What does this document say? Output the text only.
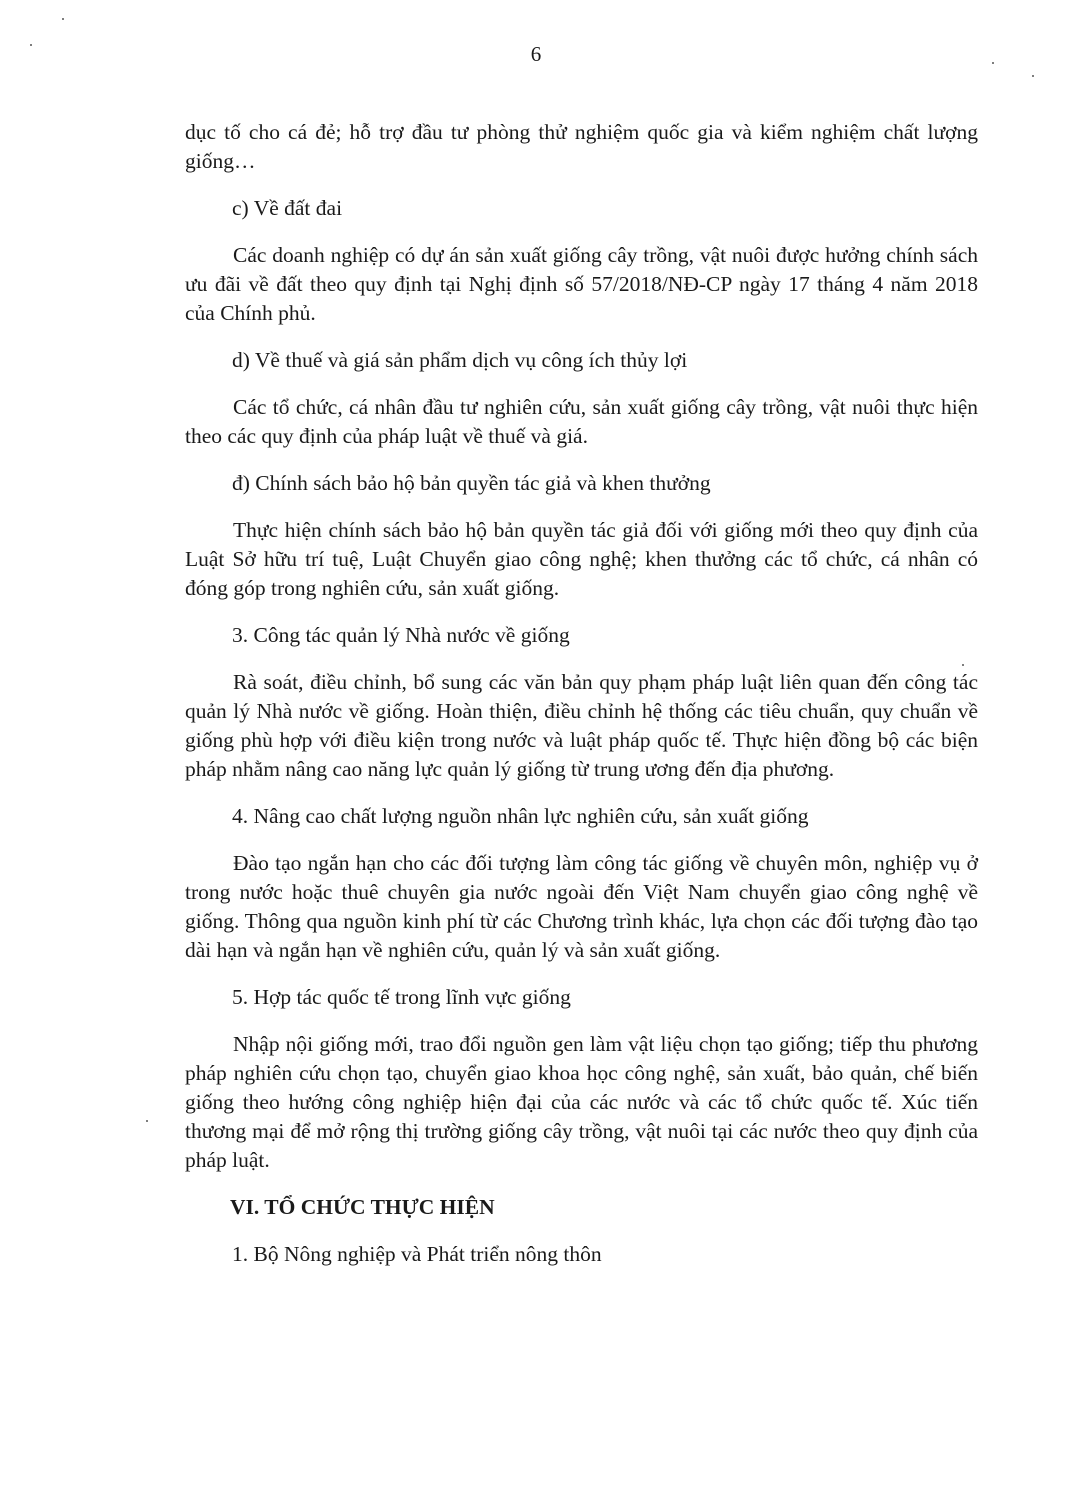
6

dục tố cho cá đẻ; hỗ trợ đầu tư phòng thử nghiệm quốc gia và kiểm nghiệm chất lượng giống…

c) Về đất đai

Các doanh nghiệp có dự án sản xuất giống cây trồng, vật nuôi được hưởng chính sách ưu đãi về đất theo quy định tại Nghị định số 57/2018/NĐ-CP ngày 17 tháng 4 năm 2018 của Chính phủ.

d) Về thuế và giá sản phẩm dịch vụ công ích thủy lợi

Các tổ chức, cá nhân đầu tư nghiên cứu, sản xuất giống cây trồng, vật nuôi thực hiện theo các quy định của pháp luật về thuế và giá.

đ) Chính sách bảo hộ bản quyền tác giả và khen thưởng

Thực hiện chính sách bảo hộ bản quyền tác giả đối với giống mới theo quy định của Luật Sở hữu trí tuệ, Luật Chuyển giao công nghệ; khen thưởng các tổ chức, cá nhân có đóng góp trong nghiên cứu, sản xuất giống.

3. Công tác quản lý Nhà nước về giống

Rà soát, điều chỉnh, bổ sung các văn bản quy phạm pháp luật liên quan đến công tác quản lý Nhà nước về giống. Hoàn thiện, điều chỉnh hệ thống các tiêu chuẩn, quy chuẩn về giống phù hợp với điều kiện trong nước và luật pháp quốc tế. Thực hiện đồng bộ các biện pháp nhằm nâng cao năng lực quản lý giống từ trung ương đến địa phương.

4. Nâng cao chất lượng nguồn nhân lực nghiên cứu, sản xuất giống

Đào tạo ngắn hạn cho các đối tượng làm công tác giống về chuyên môn, nghiệp vụ ở trong nước hoặc thuê chuyên gia nước ngoài đến Việt Nam chuyển giao công nghệ về giống. Thông qua nguồn kinh phí từ các Chương trình khác, lựa chọn các đối tượng đào tạo dài hạn và ngắn hạn về nghiên cứu, quản lý và sản xuất giống.

5. Hợp tác quốc tế trong lĩnh vực giống

Nhập nội giống mới, trao đổi nguồn gen làm vật liệu chọn tạo giống; tiếp thu phương pháp nghiên cứu chọn tạo, chuyển giao khoa học công nghệ, sản xuất, bảo quản, chế biến giống theo hướng công nghiệp hiện đại của các nước và các tổ chức quốc tế. Xúc tiến thương mại để mở rộng thị trường giống cây trồng, vật nuôi tại các nước theo quy định của pháp luật.

VI. TỔ CHỨC THỰC HIỆN

1. Bộ Nông nghiệp và Phát triển nông thôn
